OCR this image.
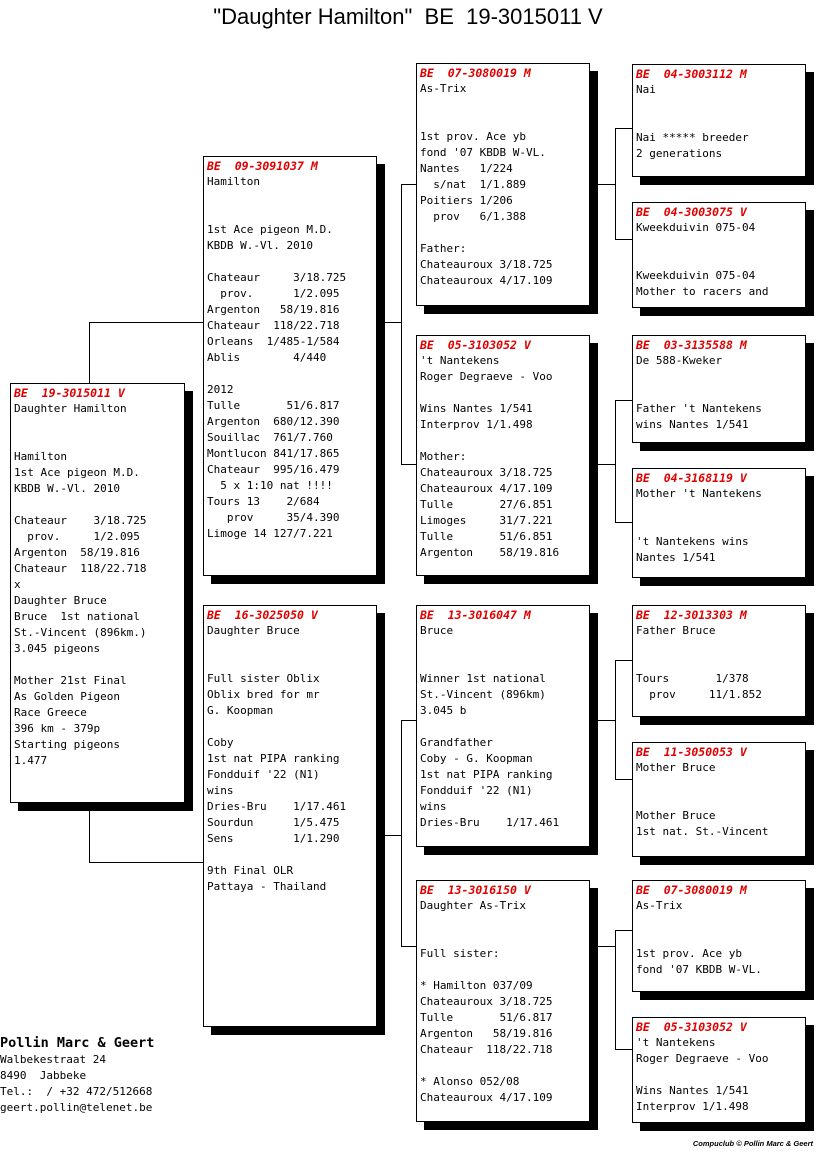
"Daughter Hamilton"  BE  19-3015011 V
BE  19-3015011 V
Daughter Hamilton
Hamilton
1st Ace pigeon M.D.
KBDB W.-Vl. 2010
Chateaur    3/18.725
prov.     1/2.095
Argenton  58/19.816
Chateaur  118/22.718
x
Daughter Bruce
Bruce  1st national
St.-Vincent (896km.)
3.045 pigeons
Mother 21st Final
As Golden Pigeon
Race Greece
396 km - 379p
Starting pigeons
1.477
BE  09-3091037 M
Hamilton
1st Ace pigeon M.D.
KBDB W.-Vl. 2010
Chateaur     3/18.725
prov.      1/2.095
Argenton   58/19.816
Chateaur  118/22.718
Orleans  1/485-1/584
Ablis        4/440
2012
Tulle       51/6.817
Argenton  680/12.390
Souillac  761/7.760
Montlucon 841/17.865
Chateaur  995/16.479
5 x 1:10 nat !!!!
Tours 13    2/684
prov     35/4.390
Limoge 14 127/7.221
BE  16-3025050 V
Daughter Bruce
Full sister Oblix
Oblix bred for mr
G. Koopman
Coby
1st nat PIPA ranking
Fondduif '22 (N1)
wins
Dries-Bru    1/17.461
Sourdun      1/5.475
Sens         1/1.290
9th Final OLR
Pattaya - Thailand
BE  07-3080019 M
As-Trix
1st prov. Ace yb
fond '07 KBDB W-VL.
Nantes   1/224
s/nat  1/1.889
Poitiers 1/206
prov   6/1.388
Father:
Chateauroux 3/18.725
Chateauroux 4/17.109
BE  05-3103052 V
't Nantekens
Roger Degraeve - Voo
Wins Nantes 1/541
Interprov 1/1.498
Mother:
Chateauroux 3/18.725
Chateauroux 4/17.109
Tulle       27/6.851
Limoges     31/7.221
Tulle       51/6.851
Argenton    58/19.816
BE  13-3016047 M
Bruce
Winner 1st national
St.-Vincent (896km)
3.045 b
Grandfather
Coby - G. Koopman
1st nat PIPA ranking
Fondduif '22 (N1)
wins
Dries-Bru    1/17.461
BE  13-3016150 V
Daughter As-Trix
Full sister:
* Hamilton 037/09
Chateauroux 3/18.725
Tulle       51/6.817
Argenton   58/19.816
Chateaur  118/22.718
* Alonso 052/08
Chateauroux 4/17.109
BE  04-3003112 M
Nai
Nai ***** breeder
2 generations
BE  04-3003075 V
Kweekduivin 075-04
Kweekduivin 075-04
Mother to racers and
BE  03-3135588 M
De 588-Kweker
Father 't Nantekens
wins Nantes 1/541
BE  04-3168119 V
Mother 't Nantekens
't Nantekens wins
Nantes 1/541
BE  12-3013303 M
Father Bruce
Tours       1/378
prov     11/1.852
BE  11-3050053 V
Mother Bruce
Mother Bruce
1st nat. St.-Vincent
BE  07-3080019 M
As-Trix
1st prov. Ace yb
fond '07 KBDB W-VL.
BE  05-3103052 V
't Nantekens
Roger Degraeve - Voo
Wins Nantes 1/541
Interprov 1/1.498
Pollin Marc & Geert
Walbekestraat 24
8490  Jabbeke
Tel.:  / +32 472/512668
geert.pollin@telenet.be
Compuclub © Pollin Marc & Geert
